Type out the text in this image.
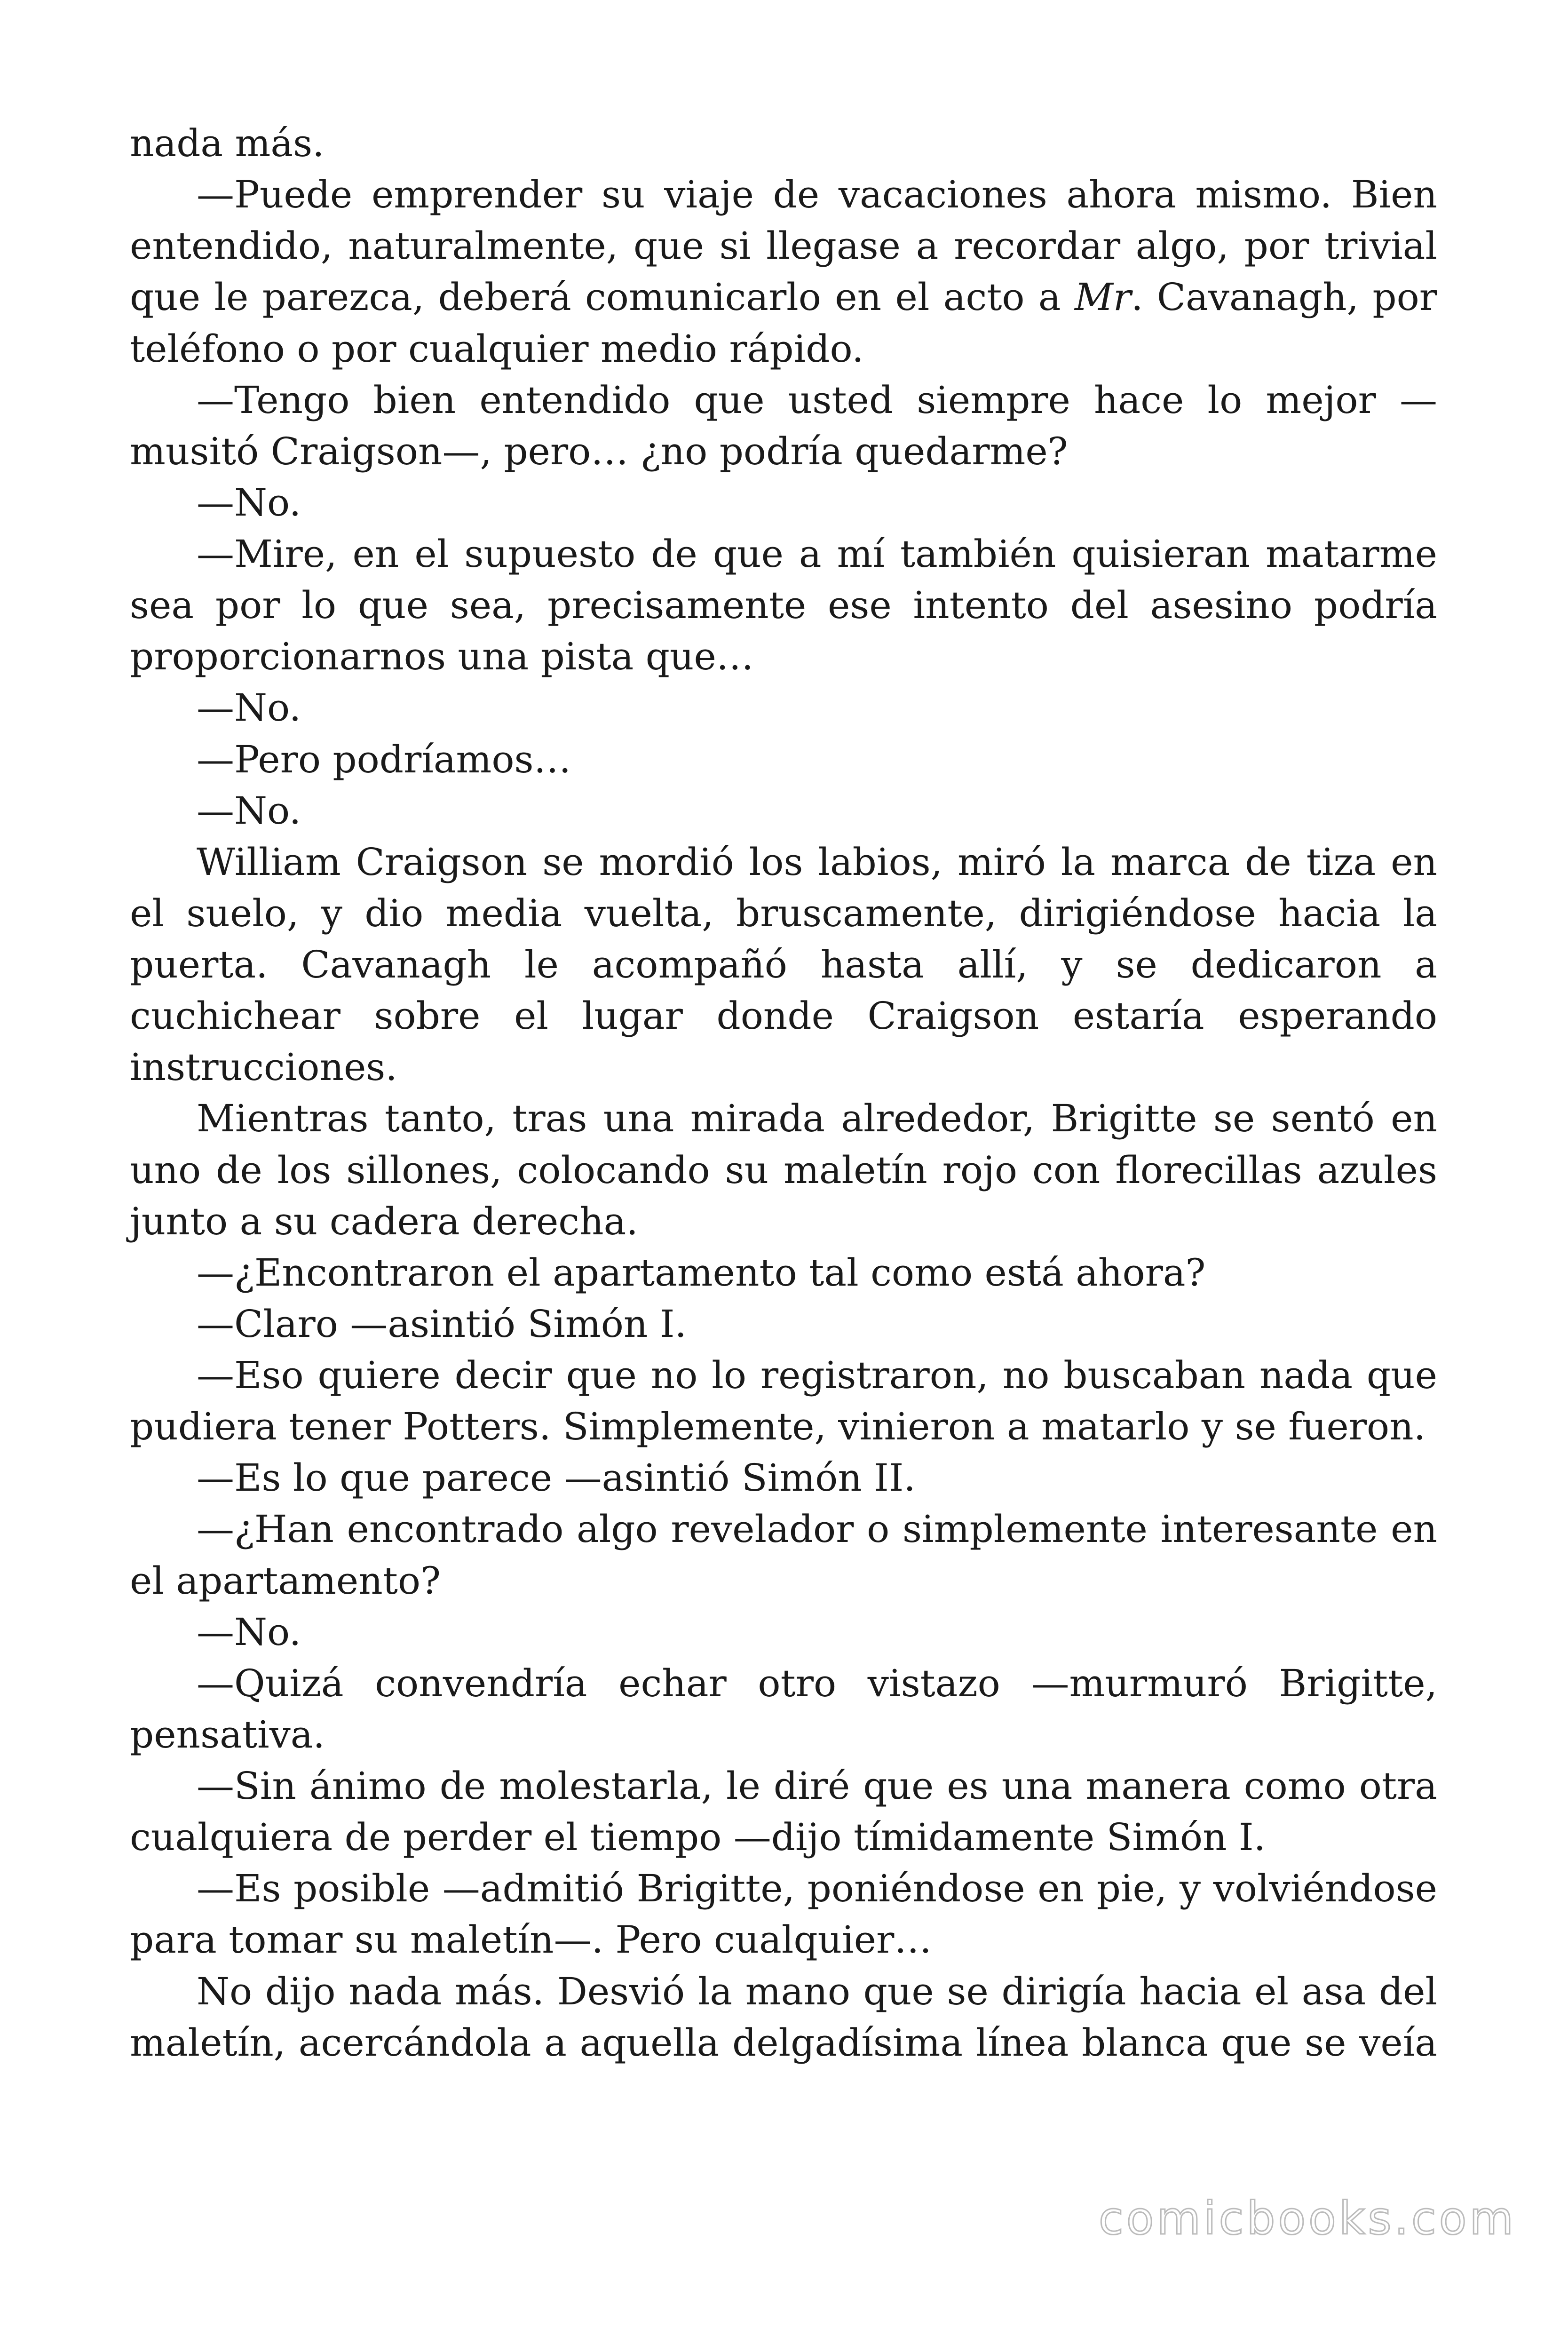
nada más.

—Puede emprender su viaje de vacaciones ahora mismo. Bien entendido, naturalmente, que si llegase a recordar algo, por trivial que le parezca, deberá comunicarlo en el acto a Mr. Cavanagh, por teléfono o por cualquier medio rápido.

—Tengo bien entendido que usted siempre hace lo mejor —musitó Craigson—, pero… ¿no podría quedarme?

—No.

—Mire, en el supuesto de que a mí también quisieran matarme sea por lo que sea, precisamente ese intento del asesino podría proporcionarnos una pista que…

—No.

—Pero podríamos…

—No.

William Craigson se mordió los labios, miró la marca de tiza en el suelo, y dio media vuelta, bruscamente, dirigiéndose hacia la puerta. Cavanagh le acompañó hasta allí, y se dedicaron a cuchichear sobre el lugar donde Craigson estaría esperando instrucciones.

Mientras tanto, tras una mirada alrededor, Brigitte se sentó en uno de los sillones, colocando su maletín rojo con florecillas azules junto a su cadera derecha.

—¿Encontraron el apartamento tal como está ahora?

—Claro —asintió Simón I.

—Eso quiere decir que no lo registraron, no buscaban nada que pudiera tener Potters. Simplemente, vinieron a matarlo y se fueron.

—Es lo que parece —asintió Simón II.

—¿Han encontrado algo revelador o simplemente interesante en el apartamento?

—No.

—Quizá convendría echar otro vistazo —murmuró Brigitte, pensativa.

—Sin ánimo de molestarla, le diré que es una manera como otra cualquiera de perder el tiempo —dijo tímidamente Simón I.

—Es posible —admitió Brigitte, poniéndose en pie, y volviéndose para tomar su maletín—. Pero cualquier…

No dijo nada más. Desvió la mano que se dirigía hacia el asa del maletín, acercándola a aquella delgadísima línea blanca que se veía

comicbooks.com
